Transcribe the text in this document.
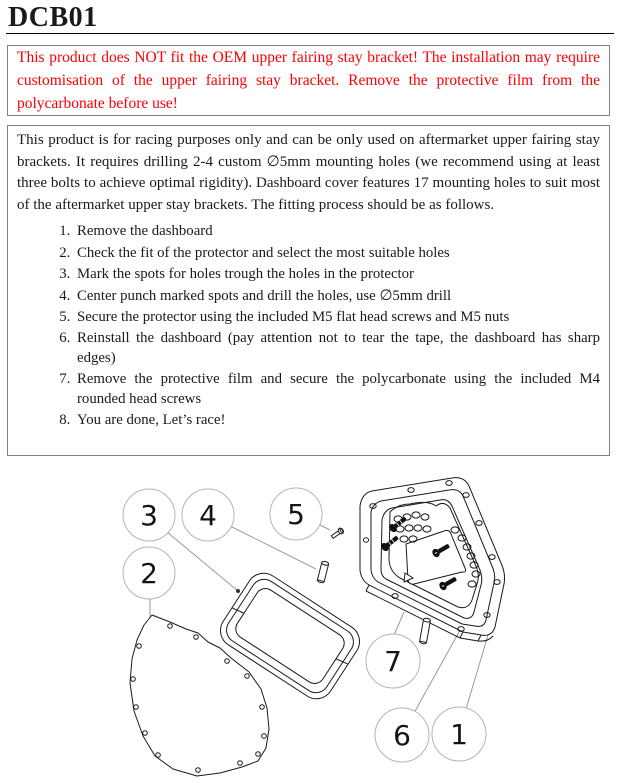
DCB01
This product does NOT fit the OEM upper fairing stay bracket! The installation may require customisation of the upper fairing stay bracket. Remove the protective film from the polycarbonate before use!

This product is for racing purposes only and can be only used on aftermarket upper fairing stay brackets. It requires drilling 2-4 custom ∅5mm mounting holes (we recommend using at least three bolts to achieve optimal rigidity). Dashboard cover features 17 mounting holes to suit most of the aftermarket upper stay brackets. The fitting process should be as follows.

1. Remove the dashboard
2. Check the fit of the protector and select the most suitable holes
3. Mark the spots for holes trough the holes in the protector
4. Center punch marked spots and drill the holes, use ∅5mm drill
5. Secure the protector using the included M5 flat head screws and M5 nuts
6. Reinstall the dashboard (pay attention not to tear the tape, the dashboard has sharp edges)
7. Remove the protective film and secure the polycarbonate using the included M4 rounded head screws
8. You are done, Let’s race!
3 4	5
2
7
6 1
